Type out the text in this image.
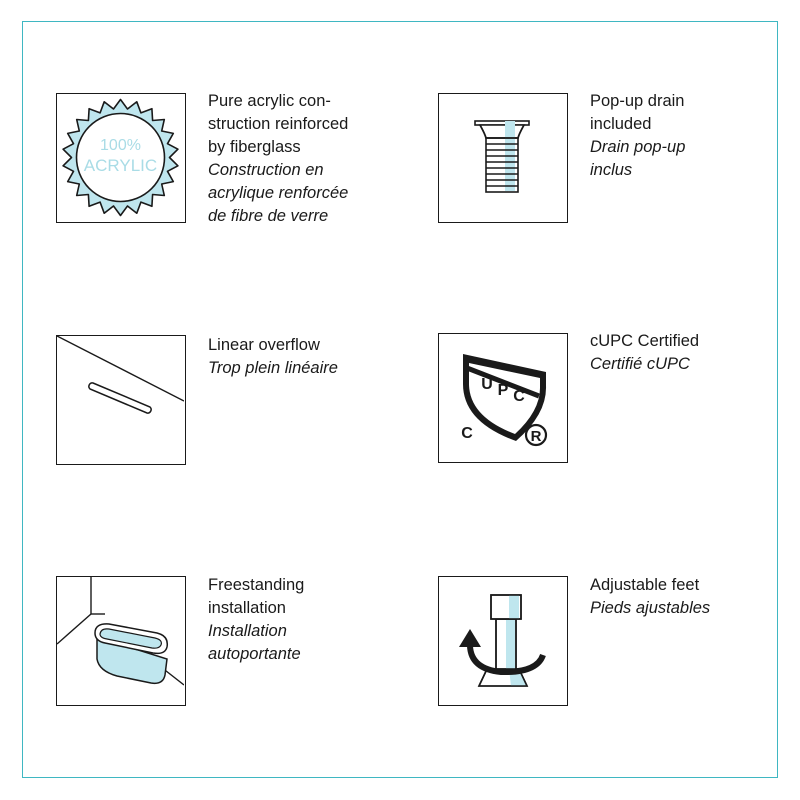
100%
ACRYLIC
Pure acrylic con-
struction reinforced
by fiberglass
Construction en
acrylique renforcée
de fibre de verre
Pop-up drain
included
Drain pop-up
inclus
Linear overflow
Trop plein linéaire
U P C
C	R
cUPC Certified
Certifié cUPC
Freestanding
installation
Installation
autoportante
Adjustable feet
Pieds ajustables
